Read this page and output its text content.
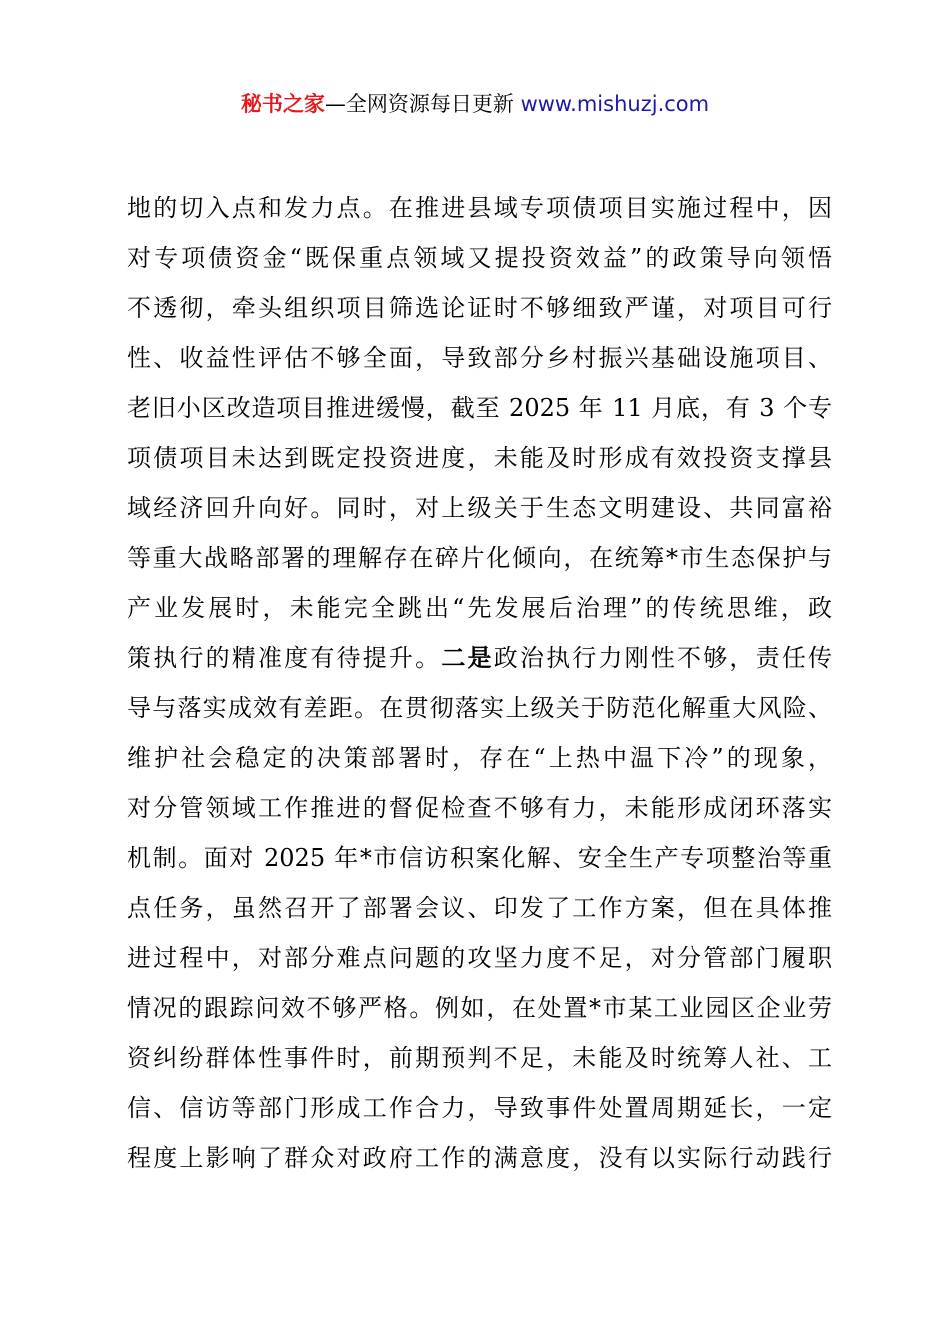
秘书之家—全网资源每日更新 www.mishuzj.com
地的切入点和发力点。在推进县域专项债项目实施过程中，因
对专项债资金“既保重点领域又提投资效益”的政策导向领悟
不透彻，牵头组织项目筛选论证时不够细致严谨，对项目可行
性、收益性评估不够全面，导致部分乡村振兴基础设施项目、
老旧小区改造项目推进缓慢，截至 2025 年 11 月底，有 3 个专
项债项目未达到既定投资进度，未能及时形成有效投资支撑县
域经济回升向好。同时，对上级关于生态文明建设、共同富裕
等重大战略部署的理解存在碎片化倾向，在统筹*市生态保护与
产业发展时，未能完全跳出“先发展后治理”的传统思维，政
策执行的精准度有待提升。二是政治执行力刚性不够，责任传
导与落实成效有差距。在贯彻落实上级关于防范化解重大风险、
维护社会稳定的决策部署时，存在“上热中温下冷”的现象，
对分管领域工作推进的督促检查不够有力，未能形成闭环落实
机制。面对 2025 年*市信访积案化解、安全生产专项整治等重
点任务，虽然召开了部署会议、印发了工作方案，但在具体推
进过程中，对部分难点问题的攻坚力度不足，对分管部门履职
情况的跟踪问效不够严格。例如，在处置*市某工业园区企业劳
资纠纷群体性事件时，前期预判不足，未能及时统筹人社、工
信、信访等部门形成工作合力，导致事件处置周期延长，一定
程度上影响了群众对政府工作的满意度，没有以实际行动践行
